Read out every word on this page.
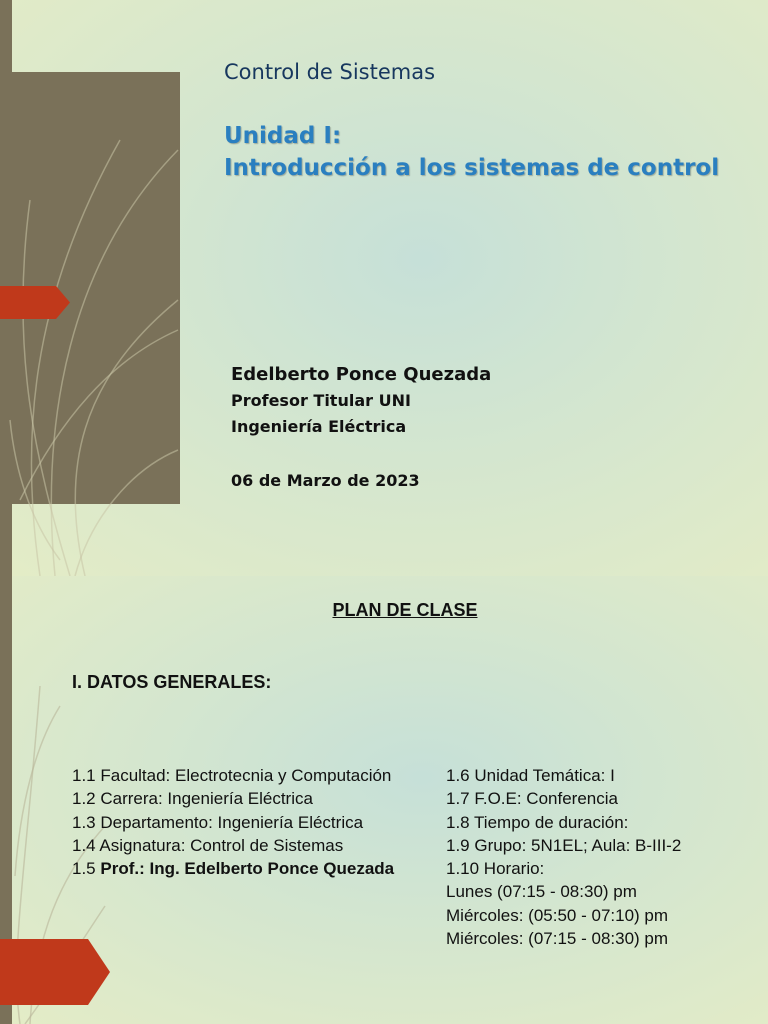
Control de Sistemas
Unidad I:
Introducción a los sistemas de control
Edelberto Ponce Quezada
Profesor Titular UNI
Ingeniería Eléctrica
06 de Marzo de 2023
PLAN DE CLASE
I. DATOS GENERALES:
1.1 Facultad: Electrotecnia y Computación
1.2 Carrera: Ingeniería Eléctrica
1.3 Departamento: Ingeniería Eléctrica
1.4 Asignatura: Control de Sistemas
1.5 Prof.: Ing. Edelberto Ponce Quezada
1.6 Unidad Temática: I
1.7 F.O.E: Conferencia
1.8 Tiempo de duración:
1.9 Grupo: 5N1EL; Aula: B-III-2
1.10 Horario:
Lunes (07:15 - 08:30) pm
Miércoles: (05:50 - 07:10) pm
Miércoles: (07:15 - 08:30) pm
